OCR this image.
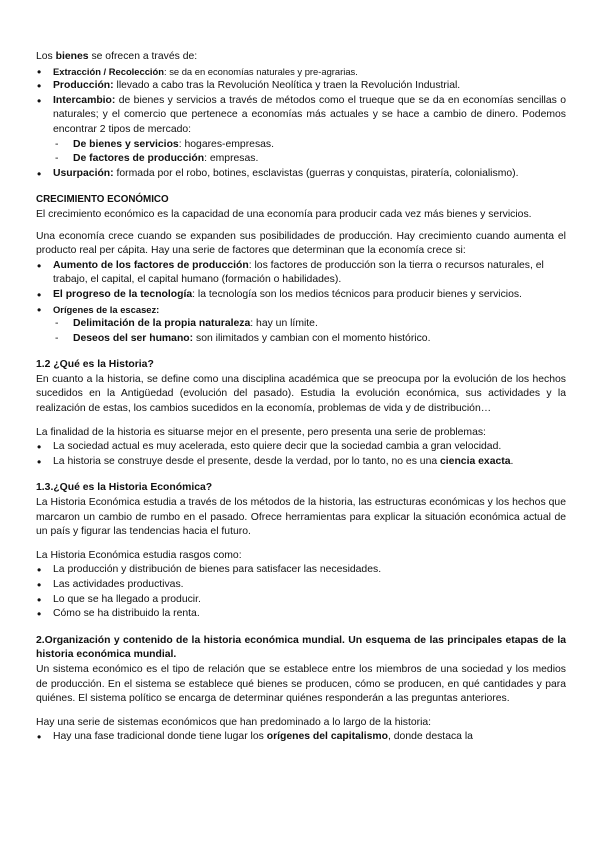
Los bienes se ofrecen a través de:

• Extracción / Recolección: se da en economías naturales y pre-agrarias.
• Producción: llevado a cabo tras la Revolución Neolítica y traen la Revolución Industrial.
• Intercambio: de bienes y servicios a través de métodos como el trueque que se da en economías sencillas o naturales; y el comercio que pertenece a economías más actuales y se hace a cambio de dinero. Podemos encontrar 2 tipos de mercado:
- De bienes y servicios: hogares-empresas.
- De factores de producción: empresas.
• Usurpación: formada por el robo, botines, esclavistas (guerras y conquistas, piratería, colonialismo).

CRECIMIENTO ECONÓMICO

El crecimiento económico es la capacidad de una economía para producir cada vez más bienes y servicios.

Una economía crece cuando se expanden sus posibilidades de producción. Hay crecimiento cuando aumenta el producto real per cápita. Hay una serie de factores que determinan que la economía crece si:

• Aumento de los factores de producción: los factores de producción son la tierra o recursos naturales, el trabajo, el capital, el capital humano (formación o habilidades).
• El progreso de la tecnología: la tecnología son los medios técnicos para producir bienes y servicios.
• Orígenes de la escasez:
- Delimitación de la propia naturaleza: hay un límite.
- Deseos del ser humano: son ilimitados y cambian con el momento histórico.

1.2 ¿Qué es la Historia?

En cuanto a la historia, se define como una disciplina académica que se preocupa por la evolución de los hechos sucedidos en la Antigüedad (evolución del pasado). Estudia la evolución económica, sus actividades y la realización de estas, los cambios sucedidos en la economía, problemas de vida y de distribución…

La finalidad de la historia es situarse mejor en el presente, pero presenta una serie de problemas:

• La sociedad actual es muy acelerada, esto quiere decir que la sociedad cambia a gran velocidad.
• La historia se construye desde el presente, desde la verdad, por lo tanto, no es una ciencia exacta.

1.3.¿Qué es la Historia Económica?

La Historia Económica estudia a través de los métodos de la historia, las estructuras económicas y los hechos que marcaron un cambio de rumbo en el pasado. Ofrece herramientas para explicar la situación económica actual de un país y figurar las tendencias hacia el futuro.

La Historia Económica estudia rasgos como:

• La producción y distribución de bienes para satisfacer las necesidades.
• Las actividades productivas.
• Lo que se ha llegado a producir.
• Cómo se ha distribuido la renta.

2.Organización y contenido de la historia económica mundial. Un esquema de las principales etapas de la historia económica mundial.

Un sistema económico es el tipo de relación que se establece entre los miembros de una sociedad y los medios de producción. En el sistema se establece qué bienes se producen, cómo se producen, en qué cantidades y para quiénes. El sistema político se encarga de determinar quiénes responderán a las preguntas anteriores.

Hay una serie de sistemas económicos que han predominado a lo largo de la historia:

• Hay una fase tradicional donde tiene lugar los orígenes del capitalismo, donde destaca la
